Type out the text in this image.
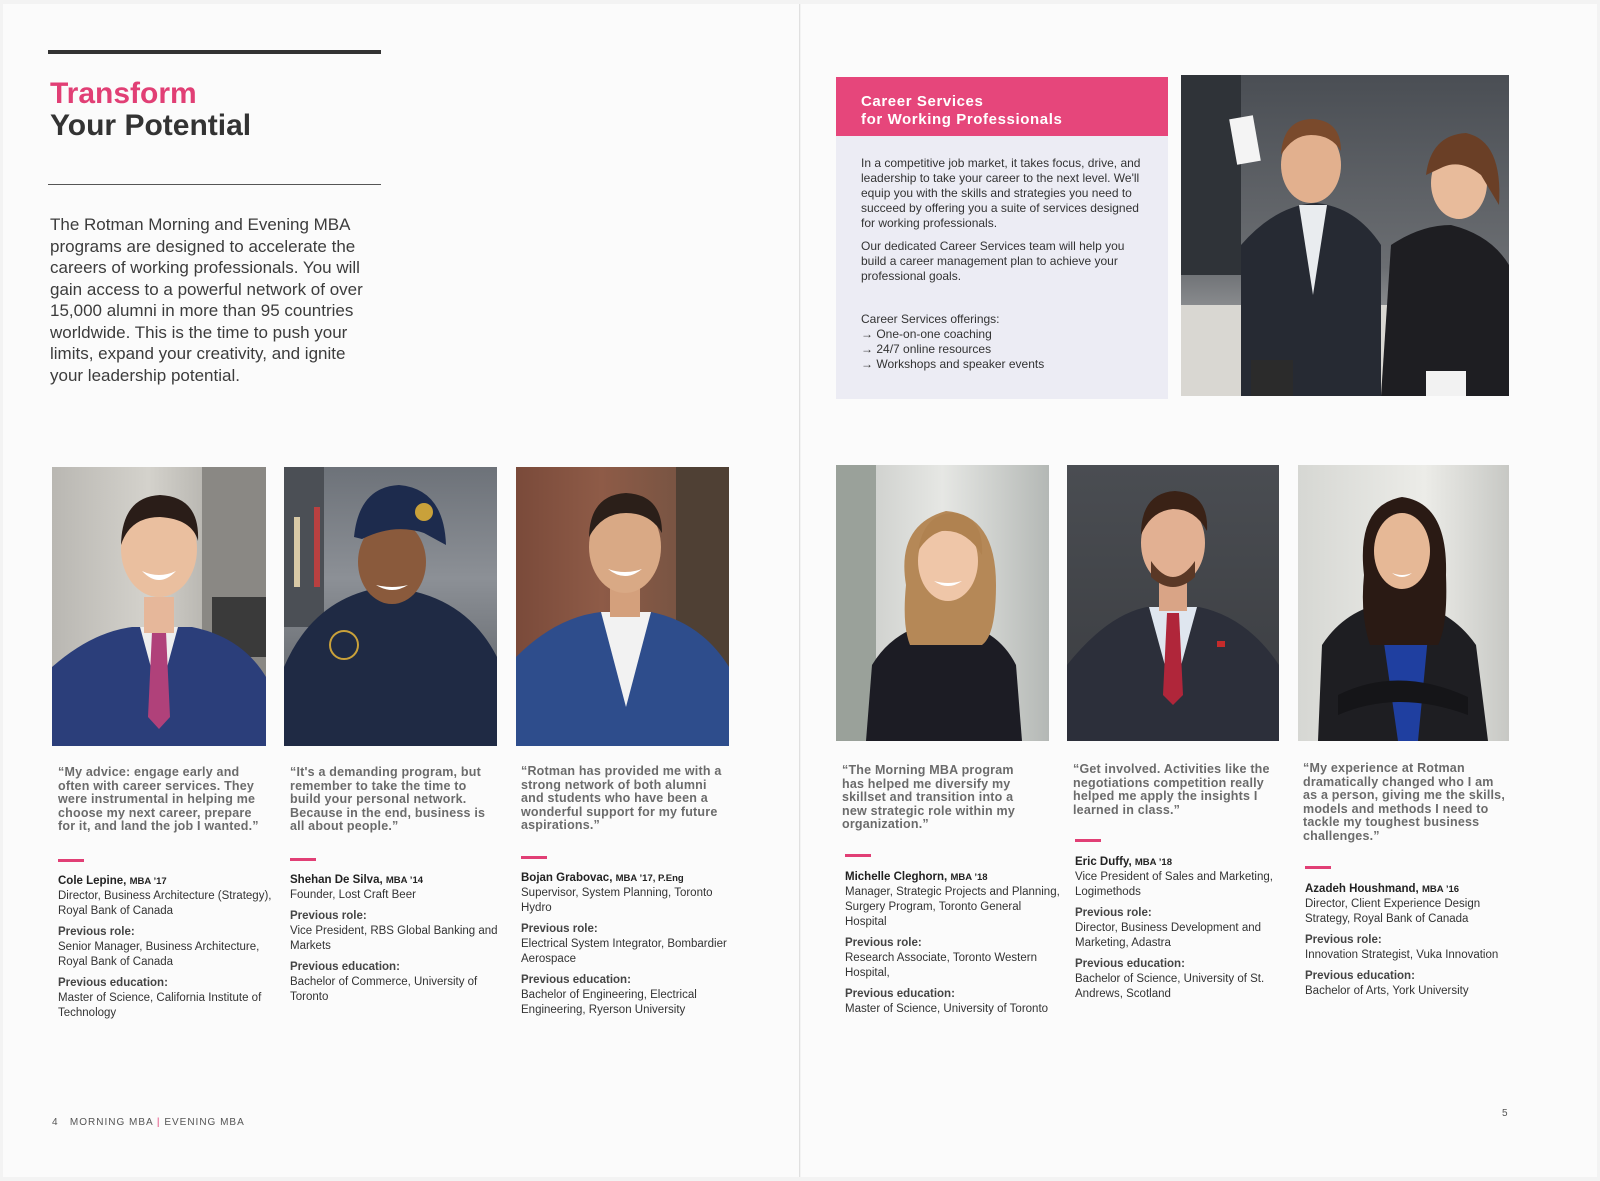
Transform
Your Potential

The Rotman Morning and Evening MBA programs are designed to accelerate the careers of working professionals. You will gain access to a powerful network of over 15,000 alumni in more than 95 countries worldwide. This is the time to push your limits, expand your creativity, and ignite your leadership potential.

“My advice: engage early and often with career services. They were instrumental in helping me choose my next career, prepare for it, and land the job I wanted.”
Cole Lepine, MBA ’17
Director, Business Architecture (Strategy), Royal Bank of Canada
Previous role:
Senior Manager, Business Architecture, Royal Bank of Canada
Previous education:
Master of Science, California Institute of Technology
“It's a demanding program, but remember to take the time to build your personal network. Because in the end, business is all about people.”
Shehan De Silva, MBA ’14
Founder, Lost Craft Beer
Previous role:
Vice President, RBS Global Banking and Markets
Previous education:
Bachelor of Commerce, University of Toronto
“Rotman has provided me with a strong network of both alumni and students who have been a wonderful support for my future aspirations.”
Bojan Grabovac, MBA ’17, P.Eng
Supervisor, System Planning, Toronto Hydro
Previous role:
Electrical System Integrator, Bombardier Aerospace
Previous education:
Bachelor of Engineering, Electrical Engineering, Ryerson University
4 MORNING MBA | EVENING MBA
Career Services
for Working Professionals

In a competitive job market, it takes focus, drive, and leadership to take your career to the next level. We'll equip you with the skills and strategies you need to succeed by offering you a suite of services designed for working professionals.

Our dedicated Career Services team will help you build a career management plan to achieve your professional goals.

Career Services offerings:
→ One-on-one coaching
→ 24/7 online resources
→ Workshops and speaker events
“The Morning MBA program has helped me diversify my skillset and transition into a new strategic role within my organization.”
Michelle Cleghorn, MBA ’18
Manager, Strategic Projects and Planning, Surgery Program, Toronto General Hospital
Previous role:
Research Associate, Toronto Western Hospital,
Previous education:
Master of Science, University of Toronto
“Get involved. Activities like the negotiations competition really helped me apply the insights I learned in class.”
Eric Duffy, MBA ’18
Vice President of Sales and Marketing, Logimethods
Previous role:
Director, Business Development and Marketing, Adastra
Previous education:
Bachelor of Science, University of St. Andrews, Scotland
“My experience at Rotman dramatically changed who I am as a person, giving me the skills, models and methods I need to tackle my toughest business challenges.”
Azadeh Houshmand, MBA ’16
Director, Client Experience Design Strategy, Royal Bank of Canada
Previous role:
Innovation Strategist, Vuka Innovation
Previous education:
Bachelor of Arts, York University
5
